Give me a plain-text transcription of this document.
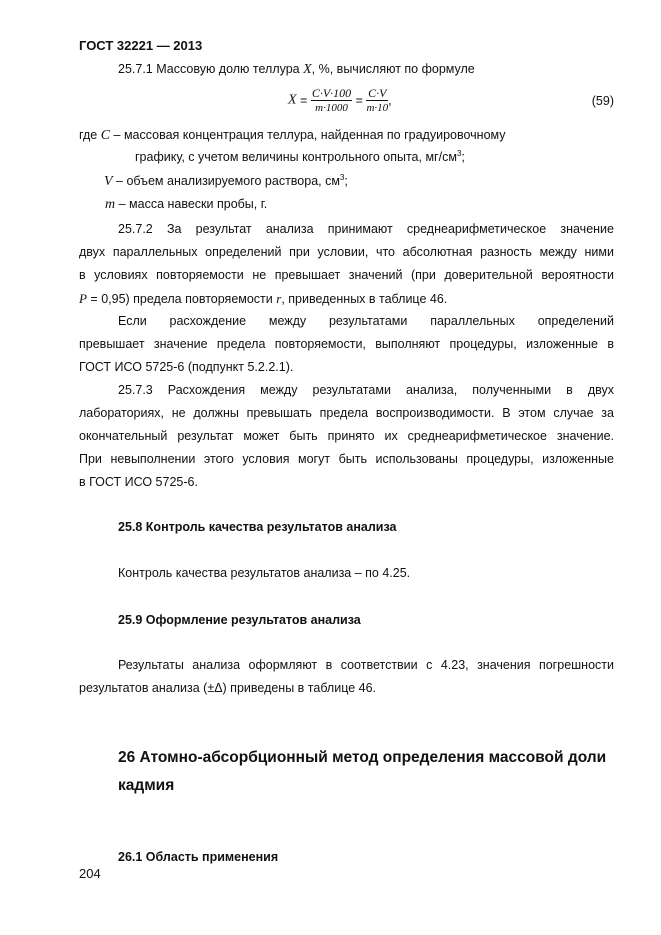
ГОСТ 32221 — 2013
25.7.1 Массовую долю теллура X, %, вычисляют по формуле
$X = \frac{C\cdot V\cdot 100}{m\cdot 1000} = \frac{C\cdot V}{m\cdot 10}$ ,	(59)
где C – массовая концентрация теллура, найденная по градуировочному
графику, с учетом величины контрольного опыта, $мг/см^3$;
V – объем анализируемого раствора, $см^3$;
m – масса навески пробы, г.
25.7.2 За результат анализа принимают среднеарифметическое значение
двух параллельных определений при условии, что абсолютная разность между ними
в условиях повторяемости не превышает значений (при доверительной вероятности
P = 0,95) предела повторяемости r, приведенных в таблице 46.
Если расхождение между результатами параллельных определений
превышает значение предела повторяемости, выполняют процедуры, изложенные в
ГОСТ ИСО 5725-6 (подпункт 5.2.2.1).
25.7.3 Расхождения между результатами анализа, полученными в двух
лабораториях, не должны превышать предела воспроизводимости. В этом случае за
окончательный результат может быть принято их среднеарифметическое значение.
При невыполнении этого условия могут быть использованы процедуры, изложенные
в ГОСТ ИСО 5725-6.
25.8 Контроль качества результатов анализа
Контроль качества результатов анализа – по 4.25.
25.9 Оформление результатов анализа
Результаты анализа оформляют в соответствии с 4.23, значения погрешности
результатов анализа (±Δ) приведены в таблице 46.
26 Атомно-абсорбционный метод определения массовой доли
кадмия
26.1 Область применения
204
